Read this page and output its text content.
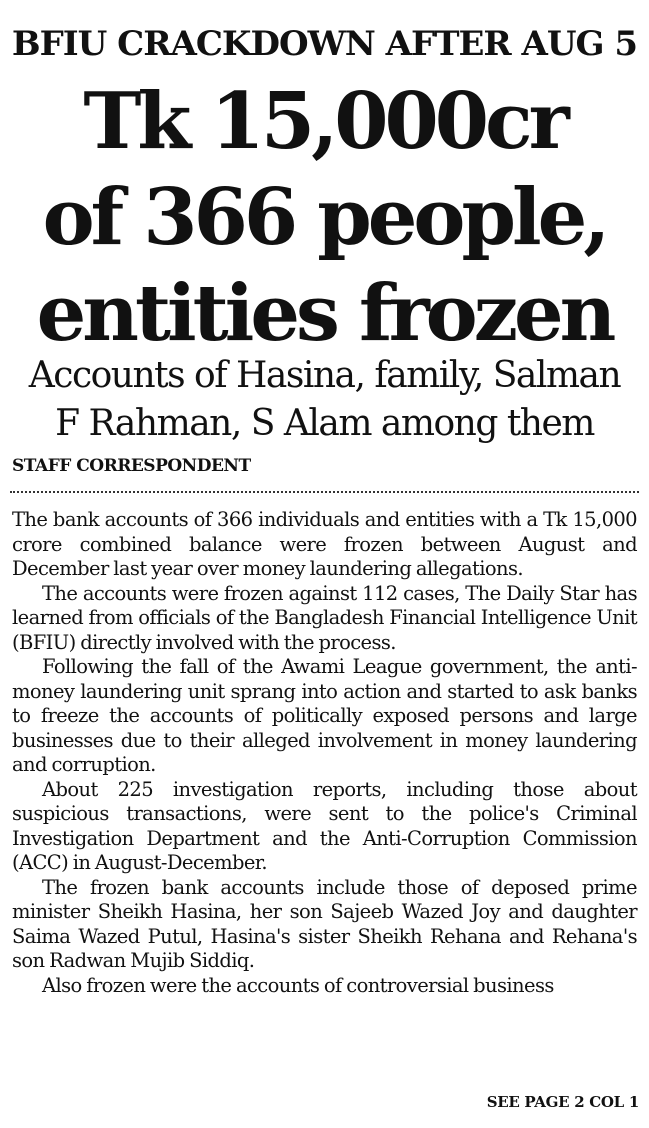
BFIU CRACKDOWN AFTER AUG 5
Tk 15,000cr
of 366 people,
entities frozen
Accounts of Hasina, family, Salman
F Rahman, S Alam among them
STAFF CORRESPONDENT

The bank accounts of 366 individuals and entities with a Tk 15,000 crore combined balance were frozen between August and December last year over money laundering allegations.

The accounts were frozen against 112 cases, The Daily Star has learned from officials of the Bangladesh Financial Intelligence Unit (BFIU) directly involved with the process.

Following the fall of the Awami League government, the anti-money laundering unit sprang into action and started to ask banks to freeze the accounts of politically exposed persons and large businesses due to their alleged involvement in money laundering and corruption.

About 225 investigation reports, including those about suspicious transactions, were sent to the police's Criminal Investigation Department and the Anti-Corruption Commission (ACC) in August-December.

The frozen bank accounts include those of deposed prime minister Sheikh Hasina, her son Sajeeb Wazed Joy and daughter Saima Wazed Putul, Hasina's sister Sheikh Rehana and Rehana's son Radwan Mujib Siddiq.

Also frozen were the accounts of controversial business

SEE PAGE 2 COL 1
